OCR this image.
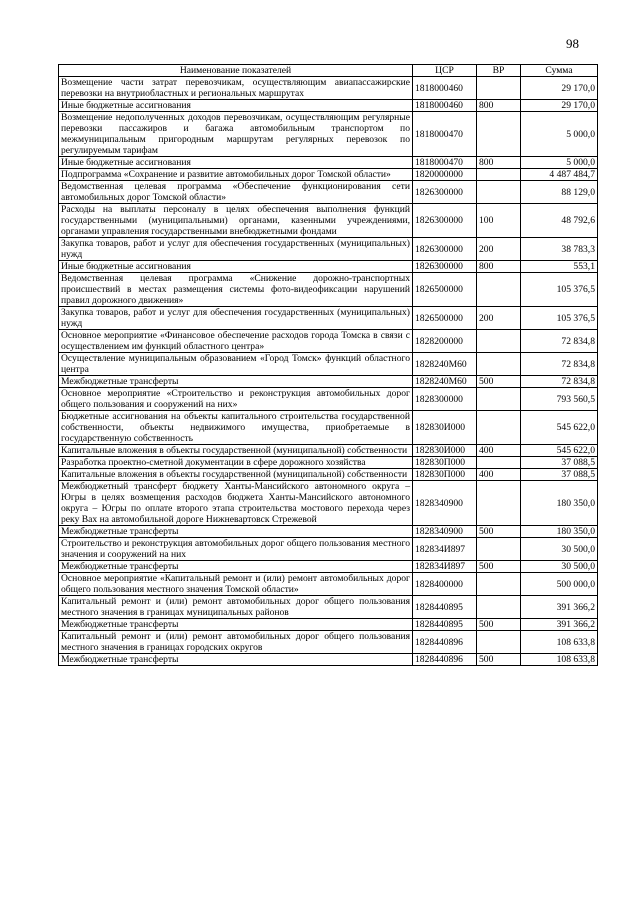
98
Наименование показателей	ЦСР	ВР	Сумма
Возмещение части затрат перевозчикам, осуществляющим авиапассажирские перевозки на внутриобластных и региональных маршрутах	1818000460		29 170,0
Иные бюджетные ассигнования	1818000460	800	29 170,0
Возмещение недополученных доходов перевозчикам, осуществляющим регулярные перевозки пассажиров и багажа автомобильным транспортом по межмуниципальным пригородным маршрутам регулярных перевозок по регулируемым тарифам	1818000470		5 000,0
Иные бюджетные ассигнования	1818000470	800	5 000,0
Подпрограмма «Сохранение и развитие автомобильных дорог Томской области»	1820000000		4 487 484,7
Ведомственная целевая программа «Обеспечение функционирования сети автомобильных дорог Томской области»	1826300000		88 129,0
Расходы на выплаты персоналу в целях обеспечения выполнения функций государственными (муниципальными) органами, казенными учреждениями, органами управления государственными внебюджетными фондами	1826300000	100	48 792,6
Закупка товаров, работ и услуг для обеспечения государственных (муниципальных) нужд	1826300000	200	38 783,3
Иные бюджетные ассигнования	1826300000	800	553,1
Ведомственная целевая программа «Снижение дорожно-транспортных происшествий в местах размещения системы фото-видеофиксации нарушений правил дорожного движения»	1826500000		105 376,5
Закупка товаров, работ и услуг для обеспечения государственных (муниципальных) нужд	1826500000	200	105 376,5
Основное мероприятие «Финансовое обеспечение расходов города Томска в связи с осуществлением им функций областного центра»	1828200000		72 834,8
Осуществление муниципальным образованием «Город Томск» функций областного центра	1828240М60		72 834,8
Межбюджетные трансферты	1828240М60	500	72 834,8
Основное мероприятие «Строительство и реконструкция автомобильных дорог общего пользования и сооружений на них»	1828300000		793 560,5
Бюджетные ассигнования на объекты капитального строительства государственной собственности, объекты недвижимого имущества, приобретаемые в государственную собственность	182830И000		545 622,0
Капитальные вложения в объекты государственной (муниципальной) собственности	182830И000	400	545 622,0
Разработка проектно-сметной документации в сфере дорожного хозяйства	182830П000		37 088,5
Капитальные вложения в объекты государственной (муниципальной) собственности	182830П000	400	37 088,5
Межбюджетный трансферт бюджету Ханты-Мансийского автономного округа – Югры в целях возмещения расходов бюджета Ханты-Мансийского автономного округа – Югры по оплате второго этапа строительства мостового перехода через реку Вах на автомобильной дороге Нижневартовск Стрежевой	1828340900		180 350,0
Межбюджетные трансферты	1828340900	500	180 350,0
Строительство и реконструкция автомобильных дорог общего пользования местного значения и сооружений на них	182834И897		30 500,0
Межбюджетные трансферты	182834И897	500	30 500,0
Основное мероприятие «Капитальный ремонт и (или) ремонт автомобильных дорог общего пользования местного значения Томской области»	1828400000		500 000,0
Капитальный ремонт и (или) ремонт автомобильных дорог общего пользования местного значения в границах муниципальных районов	1828440895		391 366,2
Межбюджетные трансферты	1828440895	500	391 366,2
Капитальный ремонт и (или) ремонт автомобильных дорог общего пользования местного значения в границах городских округов	1828440896		108 633,8
Межбюджетные трансферты	1828440896	500	108 633,8
